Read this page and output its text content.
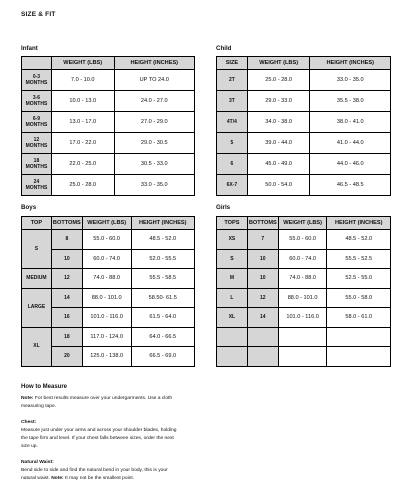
SIZE & FIT
Infant
	WEIGHT (LBS)	HEIGHT (INCHES)
0-3
MONTHS	7.0 - 10.0	UP TO 24.0
3-6
MONTHS	10.0 - 13.0	24.0 - 27.0
6-9
MONTHS	13.0 - 17.0	27.0 - 29.0
12
MONTHS	17.0 - 22.0	29.0 - 30.5
18
MONTHS	22.0 - 25.0	30.5 - 33.0
24
MONTHS	25.0 - 28.0	33.0 - 35.0
Child
SIZE	WEIGHT (LBS)	HEIGHT (INCHES)
2T	25.0 - 28.0	33.0 - 35.0
3T	29.0 - 33.0	35.5 - 38.0
4T/4	34.0 - 38.0	38.0 - 41.0
5	39.0 - 44.0	41.0 - 44.0
6	45.0 - 49.0	44.0 - 46.0
6X-7	50.0 - 54.0	46.5 - 48.5
Boys
TOP	BOTTOMS	WEIGHT (LBS)	HEIGHT (INCHES)
S	8	55.0 - 60.0	48.5 - 52.0
	10	60.0 - 74.0	52.0 - 55.5
MEDIUM	12	74.0 - 88.0	55.5 - 58.5
LARGE	14	88.0 - 101.0	58.50- 61.5
	16	101.0 - 116.0	61.5 - 64.0
XL	18	117.0 - 124.0	64.0 - 66.5
	20	125.0 - 138.0	66.5 - 69.0
Girls
TOPS	BOTTOMS	WEIGHT (LBS)	HEIGHT (INCHES)
XS	7	55.0 - 60.0	48.5 - 52.0
S	10	60.0 - 74.0	55.5 - 52.5
M	10	74.0 - 88.0	52.5 - 55.0
L	12	88.0 - 101.0	55.0 - 58.0
XL	14	101.0 - 116.0	58.0 - 61.0

How to Measure

Note: For best results measure over your undergarments. Use a cloth measuring tape.

Chest:

Measure just under your arms and across your shoulder blades, holding the tape firm and level. If your chest falls between sizes, order the next size up.

Natural Waist:

Bend side to side and find the natural bend in your body, this is your natural waist. Note: It may not be the smallest point.
